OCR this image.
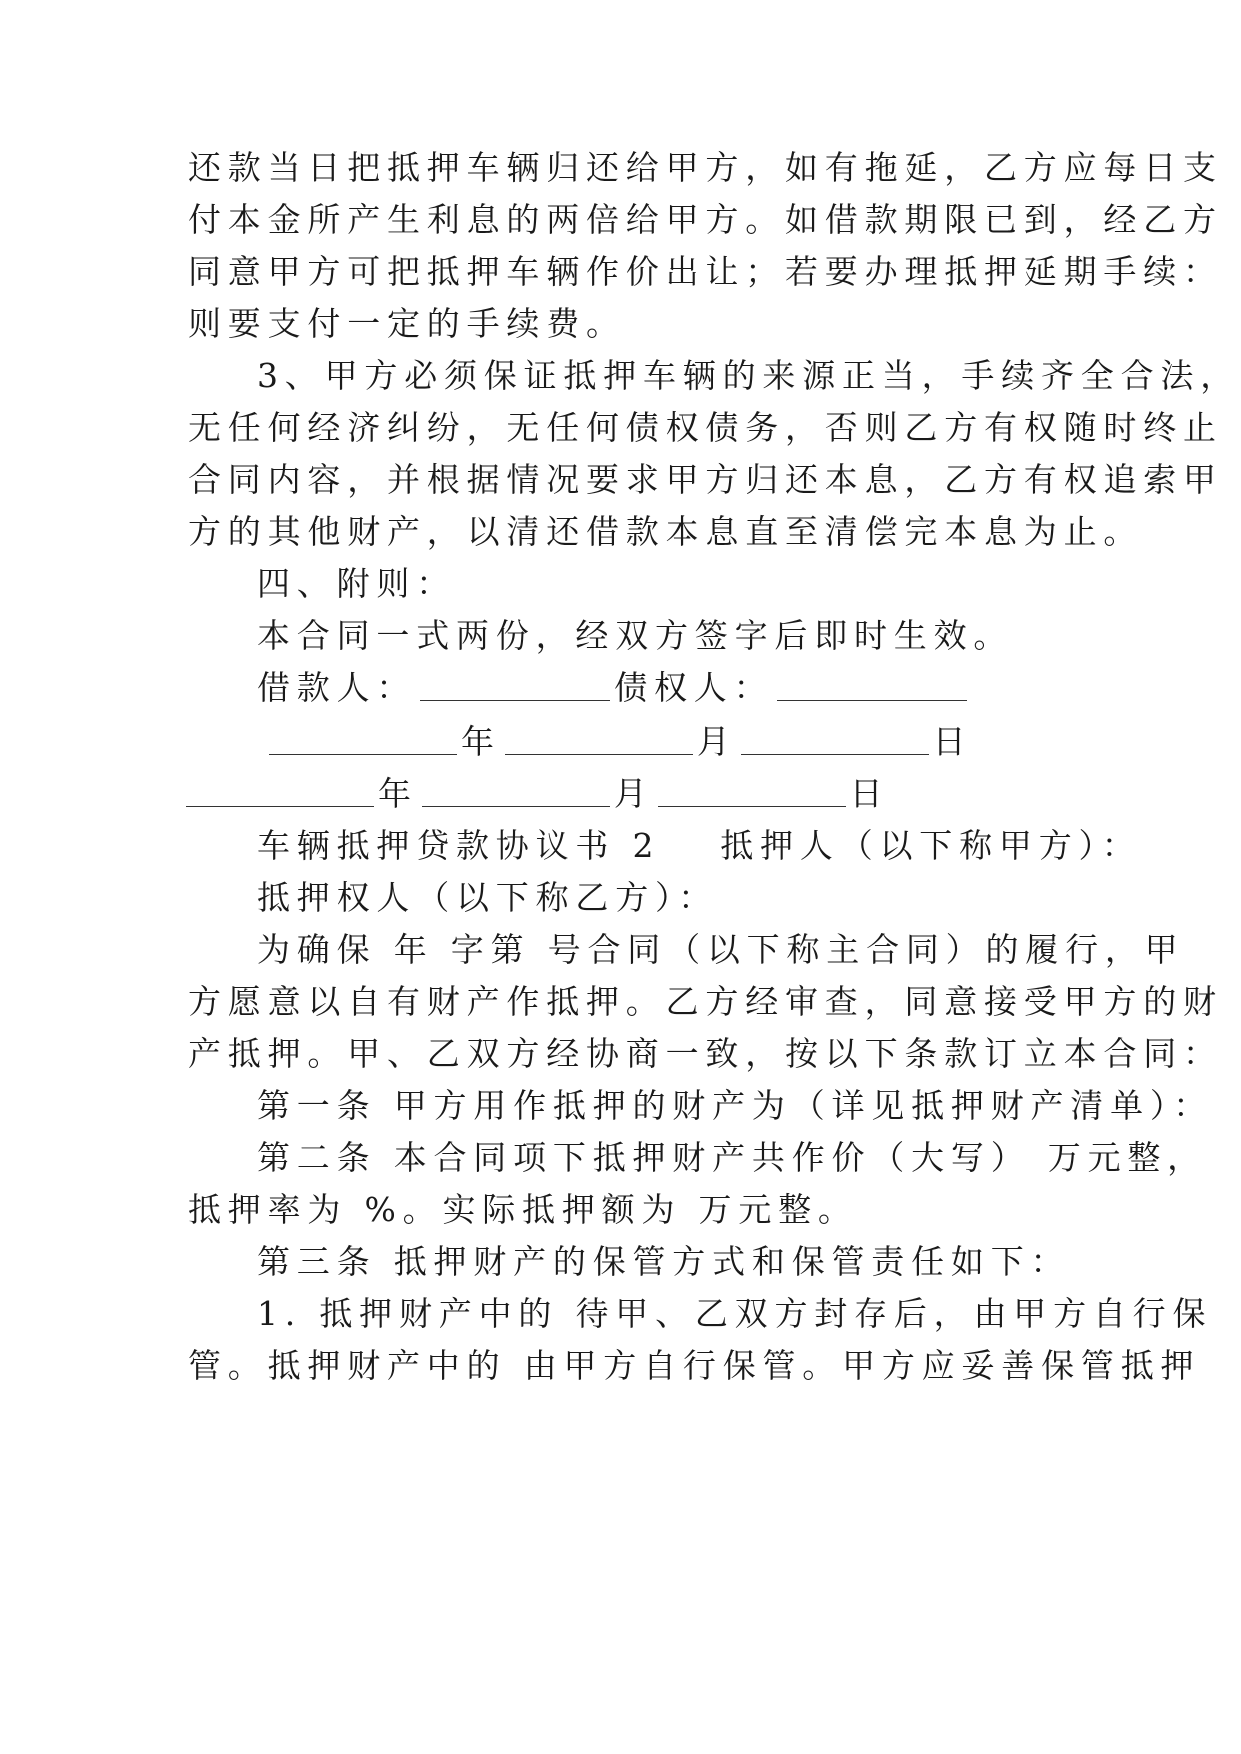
还款当日把抵押车辆归还给甲方，如有拖延，乙方应每日支
付本金所产生利息的两倍给甲方。如借款期限已到，经乙方
同意甲方可把抵押车辆作价出让；若要办理抵押延期手续：
则要支付一定的手续费。
3、甲方必须保证抵押车辆的来源正当，手续齐全合法，
无任何经济纠纷，无任何债权债务，否则乙方有权随时终止
合同内容，并根据情况要求甲方归还本息，乙方有权追索甲
方的其他财产，以清还借款本息直至清偿完本息为止。
四、附则：
本合同一式两份，经双方签字后即时生效。
借款人：	债权人：
年	月	日
年	月	日
车辆抵押贷款协议书 2 抵押人（以下称甲方）：
抵押权人（以下称乙方）：
为确保 年 字第 号合同（以下称主合同）的履行，甲
方愿意以自有财产作抵押。乙方经审查，同意接受甲方的财
产抵押。甲、乙双方经协商一致，按以下条款订立本合同：
第一条 甲方用作抵押的财产为（详见抵押财产清单）：
第二条 本合同项下抵押财产共作价（大写） 万元整，
抵押率为 %。实际抵押额为 万元整。
第三条 抵押财产的保管方式和保管责任如下：
1. 抵押财产中的 待甲、乙双方封存后，由甲方自行保
管。抵押财产中的 由甲方自行保管。甲方应妥善保管抵押
